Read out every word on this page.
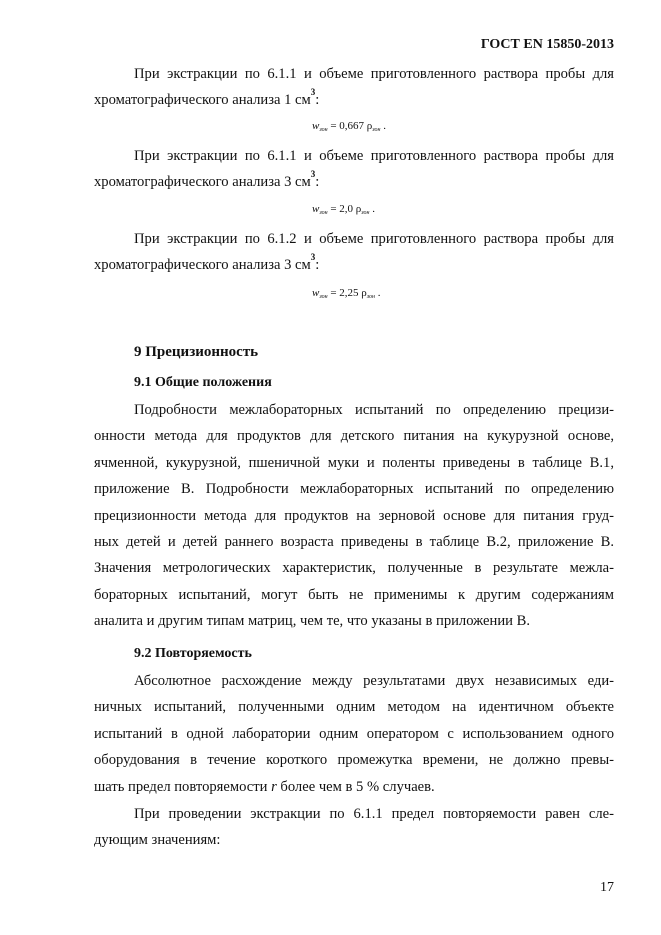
ГОСТ EN 15850-2013
При экстракции по 6.1.1 и объеме приготовленного раствора пробы для
хроматографического анализа 1 $см^3$:
$w_{зон} = 0,667$ $\rho_{зон}$ .
При экстракции по 6.1.1 и объеме приготовленного раствора пробы для
хроматографического анализа 3 $см^3$:
$w_{зон} = 2,0$ $\rho_{зон}$ .
При экстракции по 6.1.2 и объеме приготовленного раствора пробы для
хроматографического анализа 3 $см^3$:
$w_{зон} = 2,25$ $\rho_{зон}$ .
9 Прецизионность
9.1 Общие положения
Подробности межлабораторных испытаний по определению прецизи-
онности метода для продуктов для детского питания на кукурузной основе,
ячменной, кукурузной, пшеничной муки и поленты приведены в таблице В.1,
приложение В. Подробности межлабораторных испытаний по определению
прецизионности метода для продуктов на зерновой основе для питания груд-
ных детей и детей раннего возраста приведены в таблице В.2, приложение В.
Значения метрологических характеристик, полученные в результате межла-
бораторных испытаний, могут быть не применимы к другим содержаниям
аналита и другим типам матриц, чем те, что указаны в приложении В.
9.2 Повторяемость
Абсолютное расхождение между результатами двух независимых еди-
ничных испытаний, полученными одним методом на идентичном объекте
испытаний в одной лаборатории одним оператором с использованием одного
оборудования в течение короткого промежутка времени, не должно превы-
шать предел повторяемости r более чем в 5 % случаев.
При проведении экстракции по 6.1.1 предел повторяемости равен сле-
дующим значениям:
17
